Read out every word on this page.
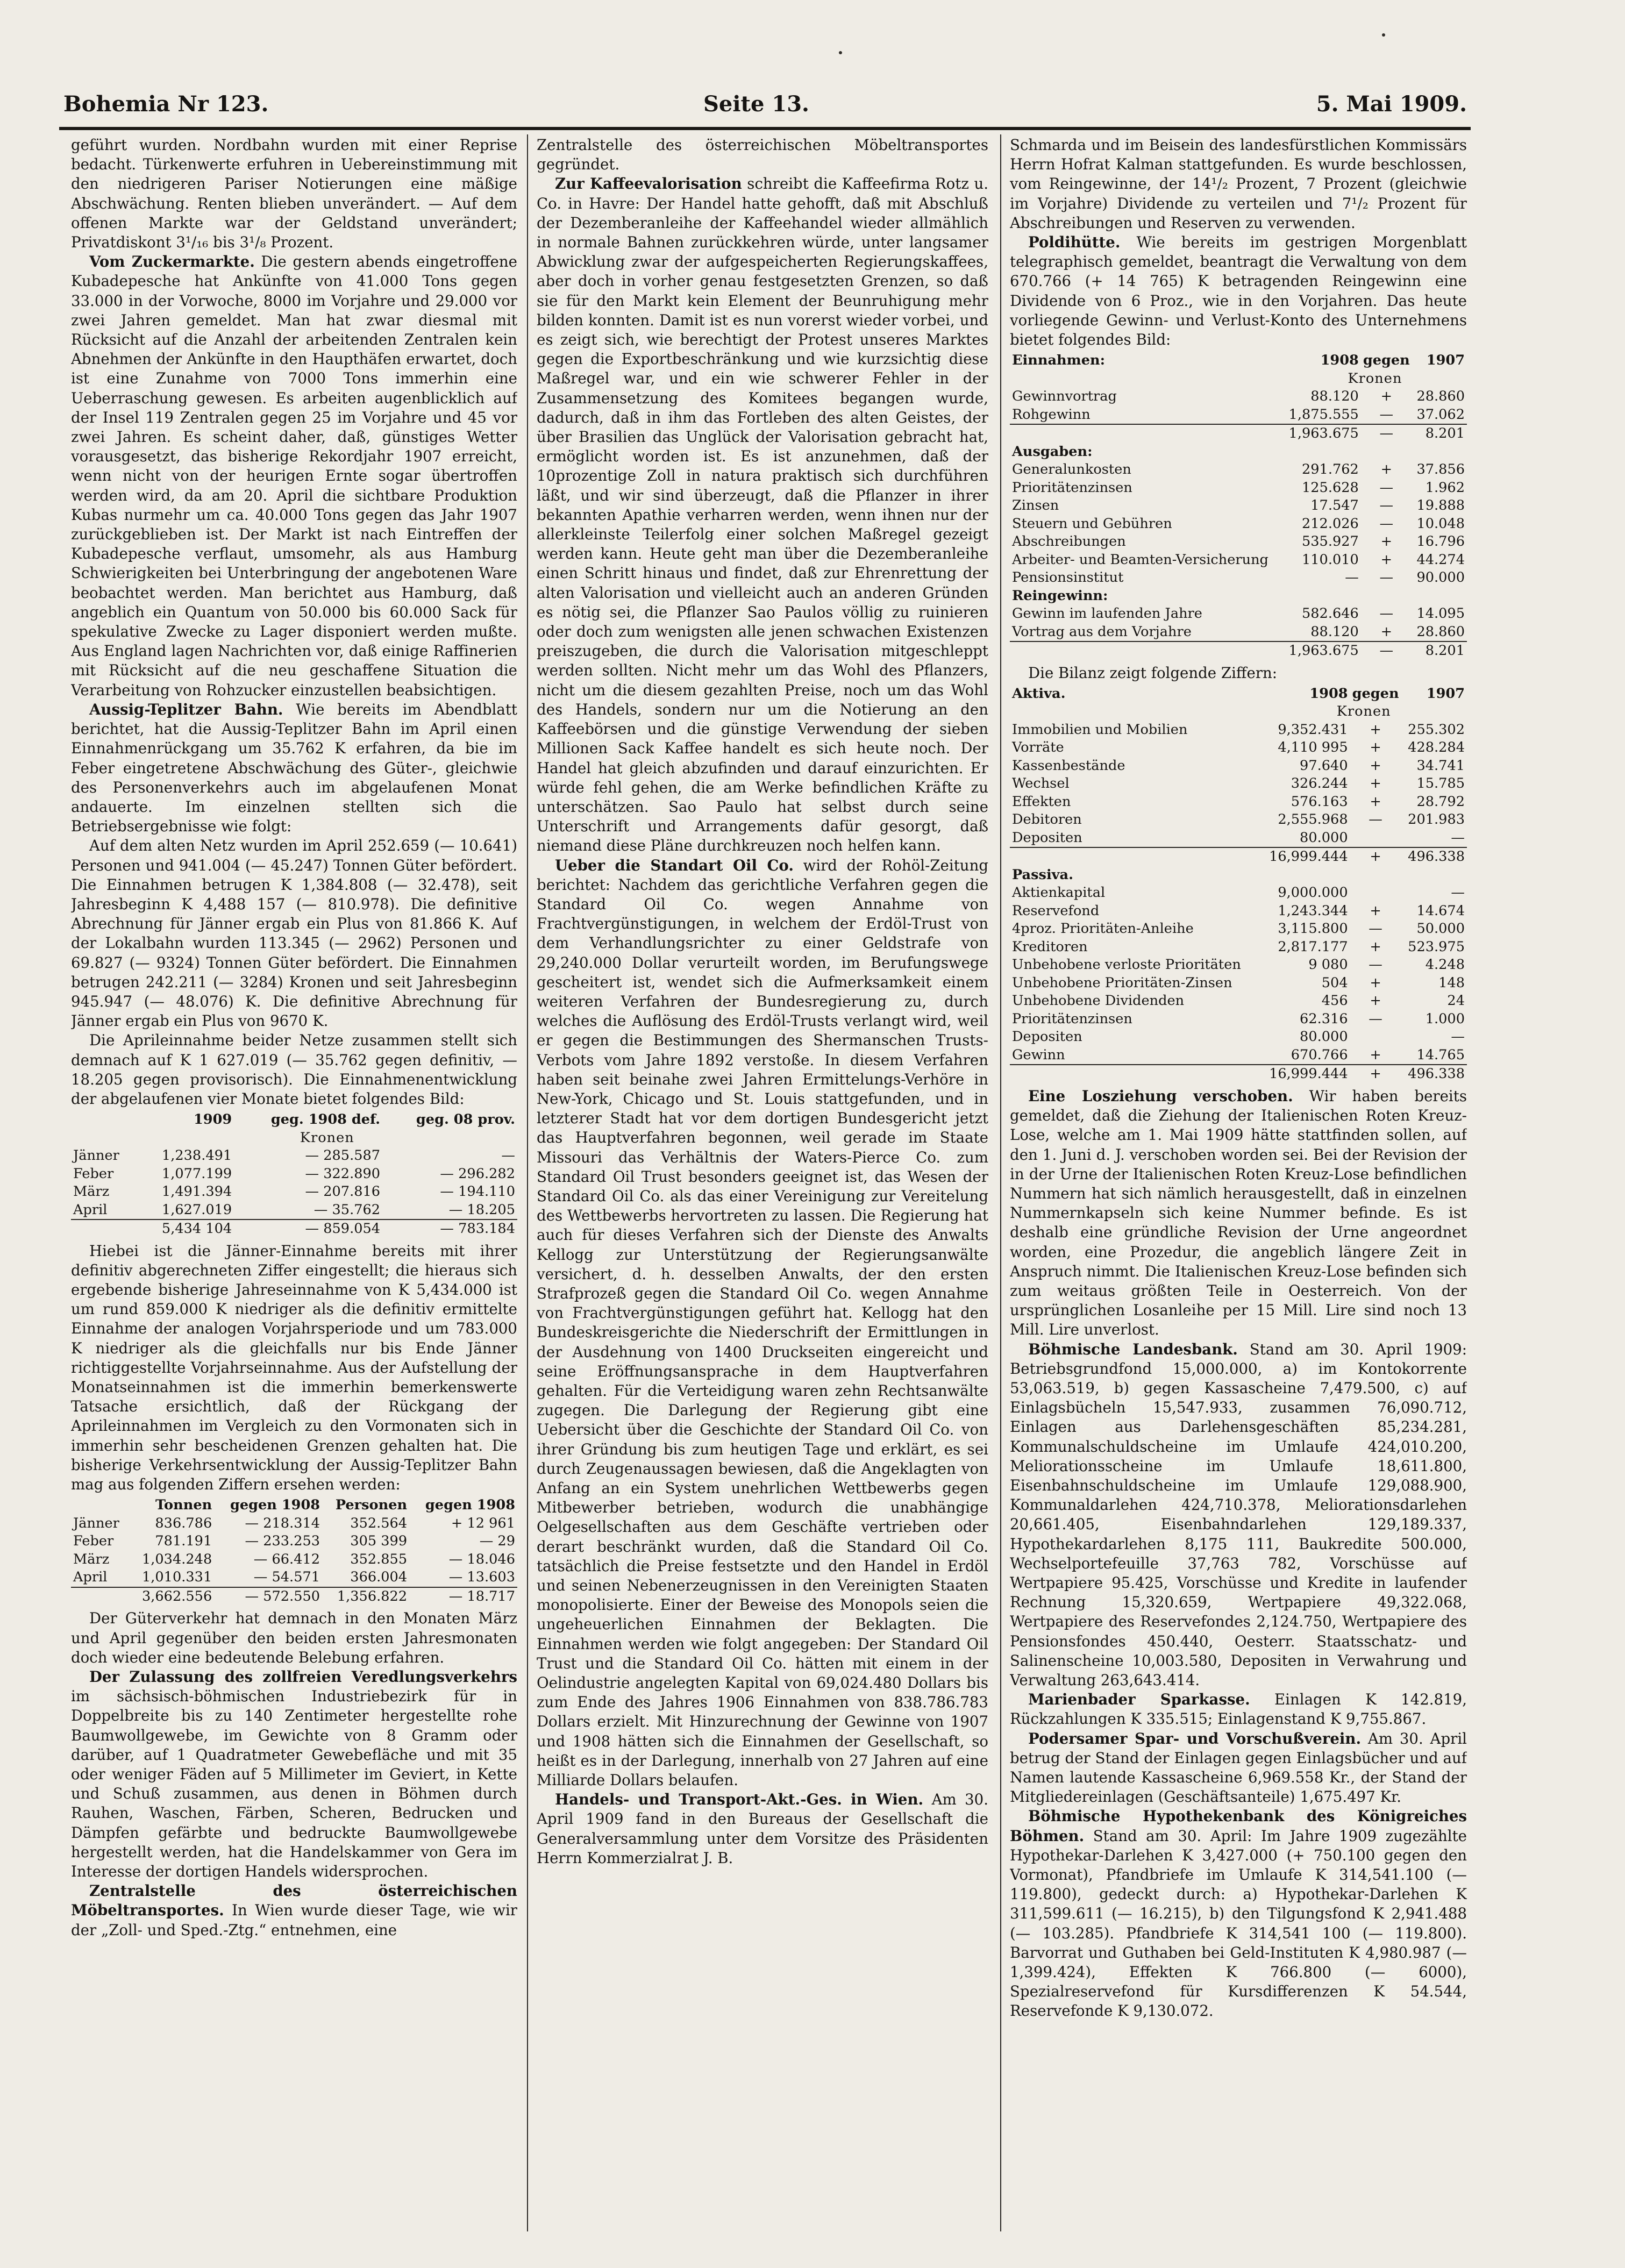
Bohemia Nr 123.	Seite 13.	5. Mai 1909.

geführt wurden. Nordbahn wurden mit einer Reprise bedacht. Türkenwerte erfuhren in Uebereinstimmung mit den niedrigeren Pariser Notierungen eine mäßige Abschwächung. Renten blieben unverändert. — Auf dem offenen Markte war der Geldstand unverändert; Privatdiskont 3¹/₁₆ bis 3¹/₈ Prozent.

Vom Zuckermarkte. Die gestern abends eingetroffene Kubadepesche hat Ankünfte von 41.000 Tons gegen 33.000 in der Vorwoche, 8000 im Vorjahre und 29.000 vor zwei Jahren gemeldet. Man hat zwar diesmal mit Rücksicht auf die Anzahl der arbeitenden Zentralen kein Abnehmen der Ankünfte in den Haupthäfen erwartet, doch ist eine Zunahme von 7000 Tons immerhin eine Ueberraschung gewesen. Es arbeiten augenblicklich auf der Insel 119 Zentralen gegen 25 im Vorjahre und 45 vor zwei Jahren. Es scheint daher, daß, günstiges Wetter vorausgesetzt, das bisherige Rekordjahr 1907 erreicht, wenn nicht von der heurigen Ernte sogar übertroffen werden wird, da am 20. April die sichtbare Produktion Kubas nurmehr um ca. 40.000 Tons gegen das Jahr 1907 zurückgeblieben ist. Der Markt ist nach Eintreffen der Kubadepesche verflaut, umsomehr, als aus Hamburg Schwierigkeiten bei Unterbringung der angebotenen Ware beobachtet werden. Man berichtet aus Hamburg, daß angeblich ein Quantum von 50.000 bis 60.000 Sack für spekulative Zwecke zu Lager disponiert werden mußte. Aus England lagen Nachrichten vor, daß einige Raffinerien mit Rücksicht auf die neu geschaffene Situation die Verarbeitung von Rohzucker einzustellen beabsichtigen.

Aussig-Teplitzer Bahn. Wie bereits im Abendblatt berichtet, hat die Aussig-Teplitzer Bahn im April einen Einnahmenrückgang um 35.762 K erfahren, da bie im Feber eingetretene Abschwächung des Güter-, gleichwie des Personenverkehrs auch im abgelaufenen Monat andauerte. Im einzelnen stellten sich die Betriebsergebnisse wie folgt:

Auf dem alten Netz wurden im April 252.659 (— 10.641) Personen und 941.004 (— 45.247) Tonnen Güter befördert. Die Einnahmen betrugen K 1,384.808 (— 32.478), seit Jahresbeginn K 4,488 157 (— 810.978). Die definitive Abrechnung für Jänner ergab ein Plus von 81.866 K. Auf der Lokalbahn wurden 113.345 (— 2962) Personen und 69.827 (— 9324) Tonnen Güter befördert. Die Einnahmen betrugen 242.211 (— 3284) Kronen und seit Jahresbeginn 945.947 (— 48.076) K. Die definitive Abrechnung für Jänner ergab ein Plus von 9670 K.

Die Aprileinnahme beider Netze zusammen stellt sich demnach auf K 1 627.019 (— 35.762 gegen definitiv, — 18.205 gegen provisorisch). Die Einnahmenentwicklung der abgelaufenen vier Monate bietet folgendes Bild:

	1909	geg. 1908 def.	geg. 08 prov.
	Kronen		
Jänner	1,238.491	— 285.587	—
Feber	1,077.199	— 322.890	— 296.282
März	1,491.394	— 207.816	— 194.110
April	1,627.019	— 35.762	— 18.205
	5,434 104	— 859.054	— 783.184

Hiebei ist die Jänner-Einnahme bereits mit ihrer definitiv abgerechneten Ziffer eingestellt; die hieraus sich ergebende bisherige Jahreseinnahme von K 5,434.000 ist um rund 859.000 K niedriger als die definitiv ermittelte Einnahme der analogen Vorjahrsperiode und um 783.000 K niedriger als die gleichfalls nur bis Ende Jänner richtiggestellte Vorjahrseinnahme. Aus der Aufstellung der Monatseinnahmen ist die immerhin bemerkenswerte Tatsache ersichtlich, daß der Rückgang der Aprileinnahmen im Vergleich zu den Vormonaten sich in immerhin sehr bescheidenen Grenzen gehalten hat. Die bisherige Verkehrsentwicklung der Aussig-Teplitzer Bahn mag aus folgenden Ziffern ersehen werden:

	Tonnen	gegen 1908	Personen	gegen 1908
Jänner	836.786	— 218.314	352.564	+ 12 961
Feber	781.191	— 233.253	305 399	— 29
März	1,034.248	— 66.412	352.855	— 18.046
April	1,010.331	— 54.571	366.004	— 13.603
	3,662.556	— 572.550	1,356.822	— 18.717

Der Güterverkehr hat demnach in den Monaten März und April gegenüber den beiden ersten Jahresmonaten doch wieder eine bedeutende Belebung erfahren.

Der Zulassung des zollfreien Veredlungsverkehrs im sächsisch-böhmischen Industriebezirk für in Doppelbreite bis zu 140 Zentimeter hergestellte rohe Baumwollgewebe, im Gewichte von 8 Gramm oder darüber, auf 1 Quadratmeter Gewebefläche und mit 35 oder weniger Fäden auf 5 Millimeter im Geviert, in Kette und Schuß zusammen, aus denen in Böhmen durch Rauhen, Waschen, Färben, Scheren, Bedrucken und Dämpfen gefärbte und bedruckte Baumwollgewebe hergestellt werden, hat die Handelskammer von Gera im Interesse der dortigen Handels widersprochen.

Zentralstelle des österreichischen Möbeltransportes. In Wien wurde dieser Tage, wie wir der „Zoll- und Sped.-Ztg.“ entnehmen, eine

Zentralstelle des österreichischen Möbeltransportes gegründet.

Zur Kaffeevalorisation schreibt die Kaffeefirma Rotz u. Co. in Havre: Der Handel hatte gehofft, daß mit Abschluß der Dezemberanleihe der Kaffeehandel wieder allmählich in normale Bahnen zurückkehren würde, unter langsamer Abwicklung zwar der aufgespeicherten Regierungskaffees, aber doch in vorher genau festgesetzten Grenzen, so daß sie für den Markt kein Element der Beunruhigung mehr bilden konnten. Damit ist es nun vorerst wieder vorbei, und es zeigt sich, wie berechtigt der Protest unseres Marktes gegen die Exportbeschränkung und wie kurzsichtig diese Maßregel war, und ein wie schwerer Fehler in der Zusammensetzung des Komitees begangen wurde, dadurch, daß in ihm das Fortleben des alten Geistes, der über Brasilien das Unglück der Valorisation gebracht hat, ermöglicht worden ist. Es ist anzunehmen, daß der 10prozentige Zoll in natura praktisch sich durchführen läßt, und wir sind überzeugt, daß die Pflanzer in ihrer bekannten Apathie verharren werden, wenn ihnen nur der allerkleinste Teilerfolg einer solchen Maßregel gezeigt werden kann. Heute geht man über die Dezemberanleihe einen Schritt hinaus und findet, daß zur Ehrenrettung der alten Valorisation und vielleicht auch an anderen Gründen es nötig sei, die Pflanzer Sao Paulos völlig zu ruinieren oder doch zum wenigsten alle jenen schwachen Existenzen preiszugeben, die durch die Valorisation mitgeschleppt werden sollten. Nicht mehr um das Wohl des Pflanzers, nicht um die diesem gezahlten Preise, noch um das Wohl des Handels, sondern nur um die Notierung an den Kaffeebörsen und die günstige Verwendung der sieben Millionen Sack Kaffee handelt es sich heute noch. Der Handel hat gleich abzufinden und darauf einzurichten. Er würde fehl gehen, die am Werke befindlichen Kräfte zu unterschätzen. Sao Paulo hat selbst durch seine Unterschrift und Arrangements dafür gesorgt, daß niemand diese Pläne durchkreuzen noch helfen kann.

Ueber die Standart Oil Co. wird der Rohöl-Zeitung berichtet: Nachdem das gerichtliche Verfahren gegen die Standard Oil Co. wegen Annahme von Frachtvergünstigungen, in welchem der Erdöl-Trust von dem Verhandlungsrichter zu einer Geldstrafe von 29,240.000 Dollar verurteilt worden, im Berufungswege gescheitert ist, wendet sich die Aufmerksamkeit einem weiteren Verfahren der Bundesregierung zu, durch welches die Auflösung des Erdöl-Trusts verlangt wird, weil er gegen die Bestimmungen des Shermanschen Trusts-Verbots vom Jahre 1892 verstoße. In diesem Verfahren haben seit beinahe zwei Jahren Ermittelungs-Verhöre in New-York, Chicago und St. Louis stattgefunden, und in letzterer Stadt hat vor dem dortigen Bundesgericht jetzt das Hauptverfahren begonnen, weil gerade im Staate Missouri das Verhältnis der Waters-Pierce Co. zum Standard Oil Trust besonders geeignet ist, das Wesen der Standard Oil Co. als das einer Vereinigung zur Vereitelung des Wettbewerbs hervortreten zu lassen. Die Regierung hat auch für dieses Verfahren sich der Dienste des Anwalts Kellogg zur Unterstützung der Regierungsanwälte versichert, d. h. desselben Anwalts, der den ersten Strafprozeß gegen die Standard Oil Co. wegen Annahme von Frachtvergünstigungen geführt hat. Kellogg hat den Bundeskreisgerichte die Niederschrift der Ermittlungen in der Ausdehnung von 1400 Druckseiten eingereicht und seine Eröffnungsansprache in dem Hauptverfahren gehalten. Für die Verteidigung waren zehn Rechtsanwälte zugegen. Die Darlegung der Regierung gibt eine Uebersicht über die Geschichte der Standard Oil Co. von ihrer Gründung bis zum heutigen Tage und erklärt, es sei durch Zeugenaussagen bewiesen, daß die Angeklagten von Anfang an ein System unehrlichen Wettbewerbs gegen Mitbewerber betrieben, wodurch die unabhängige Oelgesellschaften aus dem Geschäfte vertrieben oder derart beschränkt wurden, daß die Standard Oil Co. tatsächlich die Preise festsetzte und den Handel in Erdöl und seinen Nebenerzeugnissen in den Vereinigten Staaten monopolisierte. Einer der Beweise des Monopols seien die ungeheuerlichen Einnahmen der Beklagten. Die Einnahmen werden wie folgt angegeben: Der Standard Oil Trust und die Standard Oil Co. hätten mit einem in der Oelindustrie angelegten Kapital von 69,024.480 Dollars bis zum Ende des Jahres 1906 Einnahmen von 838.786.783 Dollars erzielt. Mit Hinzurechnung der Gewinne von 1907 und 1908 hätten sich die Einnahmen der Gesellschaft, so heißt es in der Darlegung, innerhalb von 27 Jahren auf eine Milliarde Dollars belaufen.

Handels- und Transport-Akt.-Ges. in Wien. Am 30. April 1909 fand in den Bureaus der Gesellschaft die Generalversammlung unter dem Vorsitze des Präsidenten Herrn Kommerzialrat J. B.

Schmarda und im Beisein des landesfürstlichen Kommissärs Herrn Hofrat Kalman stattgefunden. Es wurde beschlossen, vom Reingewinne, der 14¹/₂ Prozent, 7 Prozent (gleichwie im Vorjahre) Dividende zu verteilen und 7¹/₂ Prozent für Abschreibungen und Reserven zu verwenden.

Poldihütte. Wie bereits im gestrigen Morgenblatt telegraphisch gemeldet, beantragt die Verwaltung von dem 670.766 (+ 14 765) K betragenden Reingewinn eine Dividende von 6 Proz., wie in den Vorjahren. Das heute vorliegende Gewinn- und Verlust-Konto des Unternehmens bietet folgendes Bild:

Einnahmen:	1908	gegen	1907
	Kronen		
Gewinnvortrag	88.120	+	28.860
Rohgewinn	1,875.555	—	37.062
	1,963.675	—	8.201
Ausgaben:			
Generalunkosten	291.762	+	37.856
Prioritätenzinsen	125.628	—	1.962
Zinsen	17.547	—	19.888
Steuern und Gebühren	212.026	—	10.048
Abschreibungen	535.927	+	16.796
Arbeiter- und Beamten-Versicherung	110.010	+	44.274
Pensionsinstitut	—	—	90.000
Reingewinn:			
Gewinn im laufenden Jahre	582.646	—	14.095
Vortrag aus dem Vorjahre	88.120	+	28.860
	1,963.675	—	8.201

Die Bilanz zeigt folgende Ziffern:

Aktiva.	1908	gegen	1907
	Kronen		
Immobilien und Mobilien	9,352.431	+	255.302
Vorräte	4,110 995	+	428.284
Kassenbestände	97.640	+	34.741
Wechsel	326.244	+	15.785
Effekten	576.163	+	28.792
Debitoren	2,555.968	—	201.983
Depositen	80.000		—
	16,999.444	+	496.338
Passiva.			
Aktienkapital	9,000.000		—
Reservefond	1,243.344	+	14.674
4proz. Prioritäten-Anleihe	3,115.800	—	50.000
Kreditoren	2,817.177	+	523.975
Unbehobene verloste Prioritäten	9 080	—	4.248
Unbehobene Prioritäten-Zinsen	504	+	148
Unbehobene Dividenden	456	+	24
Prioritätenzinsen	62.316	—	1.000
Depositen	80.000		—
Gewinn	670.766	+	14.765
	16,999.444	+	496.338

Eine Losziehung verschoben. Wir haben bereits gemeldet, daß die Ziehung der Italienischen Roten Kreuz-Lose, welche am 1. Mai 1909 hätte stattfinden sollen, auf den 1. Juni d. J. verschoben worden sei. Bei der Revision der in der Urne der Italienischen Roten Kreuz-Lose befindlichen Nummern hat sich nämlich herausgestellt, daß in einzelnen Nummernkapseln sich keine Nummer befinde. Es ist deshalb eine gründliche Revision der Urne angeordnet worden, eine Prozedur, die angeblich längere Zeit in Anspruch nimmt. Die Italienischen Kreuz-Lose befinden sich zum weitaus größten Teile in Oesterreich. Von der ursprünglichen Losanleihe per 15 Mill. Lire sind noch 13 Mill. Lire unverlost.

Böhmische Landesbank. Stand am 30. April 1909: Betriebsgrundfond 15,000.000, a) im Kontokorrente 53,063.519, b) gegen Kassascheine 7,479.500, c) auf Einlagsbücheln 15,547.933, zusammen 76,090.712, Einlagen aus Darlehensgeschäften 85,234.281, Kommunalschuldscheine im Umlaufe 424,010.200, Meliorationsscheine im Umlaufe 18,611.800, Eisenbahnschuldscheine im Umlaufe 129,088.900, Kommunaldarlehen 424,710.378, Meliorationsdarlehen 20,661.405, Eisenbahndarlehen 129,189.337, Hypothekardarlehen 8,175 111, Baukredite 500.000, Wechselportefeuille 37,763 782, Vorschüsse auf Wertpapiere 95.425, Vorschüsse und Kredite in laufender Rechnung 15,320.659, Wertpapiere 49,322.068, Wertpapiere des Reservefondes 2,124.750, Wertpapiere des Pensionsfondes 450.440, Oesterr. Staatsschatz- und Salinenscheine 10,003.580, Depositen in Verwahrung und Verwaltung 263,643.414.

Marienbader Sparkasse. Einlagen K 142.819, Rückzahlungen K 335.515; Einlagenstand K 9,755.867.

Podersamer Spar- und Vorschußverein. Am 30. April betrug der Stand der Einlagen gegen Einlagsbücher und auf Namen lautende Kassascheine 6,969.558 Kr., der Stand der Mitgliedereinlagen (Geschäftsanteile) 1,675.497 Kr.

Böhmische Hypothekenbank des Königreiches Böhmen. Stand am 30. April: Im Jahre 1909 zugezählte Hypothekar-Darlehen K 3,427.000 (+ 750.100 gegen den Vormonat), Pfandbriefe im Umlaufe K 314,541.100 (— 119.800), gedeckt durch: a) Hypothekar-Darlehen K 311,599.611 (— 16.215), b) den Tilgungsfond K 2,941.488 (— 103.285). Pfandbriefe K 314,541 100 (— 119.800). Barvorrat und Guthaben bei Geld-Instituten K 4,980.987 (— 1,399.424), Effekten K 766.800 (— 6000), Spezialreservefond für Kursdifferenzen K 54.544, Reservefonde K 9,130.072.
